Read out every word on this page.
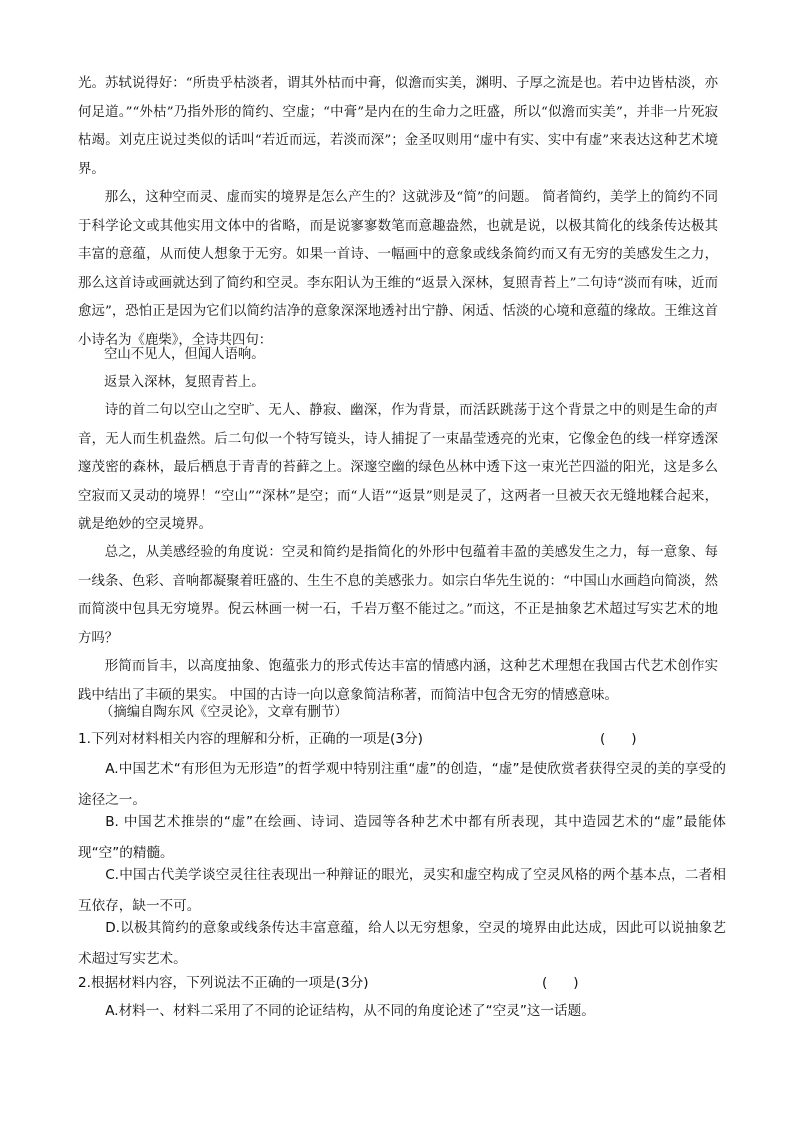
光。苏轼说得好：“所贵乎枯淡者，谓其外枯而中膏，似澹而实美，渊明、子厚之流是也。若中边皆枯淡，亦何足道。”“外枯”乃指外形的简约、空虚；“中膏”是内在的生命力之旺盛，所以“似澹而实美”，并非一片死寂枯竭。刘克庄说过类似的话叫“若近而远，若淡而深”；金圣叹则用“虚中有实、实中有虚”来表达这种艺术境界。

那么，这种空而灵、虚而实的境界是怎么产生的？这就涉及“简”的问题。 简者简约，美学上的简约不同于科学论文或其他实用文体中的省略，而是说寥寥数笔而意趣盎然，也就是说，以极其简化的线条传达极其丰富的意蕴，从而使人想象于无穷。如果一首诗、一幅画中的意象或线条简约而又有无穷的美感发生之力，那么这首诗或画就达到了简约和空灵。李东阳认为王维的“返景入深林，复照青苔上”二句诗“淡而有味，近而愈远”，恐怕正是因为它们以简约洁净的意象深深地透衬出宁静、闲适、恬淡的心境和意蕴的缘故。王维这首小诗名为《鹿柴》，全诗共四句：

空山不见人，但闻人语响。

返景入深林，复照青苔上。

诗的首二句以空山之空旷、无人、静寂、幽深，作为背景，而活跃跳荡于这个背景之中的则是生命的声音，无人而生机盎然。后二句似一个特写镜头，诗人捕捉了一束晶莹透亮的光束，它像金色的线一样穿透深邃茂密的森林，最后栖息于青青的苔藓之上。深邃空幽的绿色丛林中透下这一束光芒四溢的阳光，这是多么空寂而又灵动的境界！“空山”“深林”是空；而“人语”“返景”则是灵了，这两者一旦被天衣无缝地糅合起来，就是绝妙的空灵境界。

总之，从美感经验的角度说：空灵和简约是指简化的外形中包蕴着丰盈的美感发生之力，每一意象、每一线条、色彩、音响都凝聚着旺盛的、生生不息的美感张力。如宗白华先生说的：“中国山水画趋向简淡，然而简淡中包具无穷境界。倪云林画一树一石，千岩万壑不能过之。”而这，不正是抽象艺术超过写实艺术的地方吗？

形简而旨丰，以高度抽象、饱蕴张力的形式传达丰富的情感内涵，这种艺术理想在我国古代艺术创作实践中结出了丰硕的果实。 中国的古诗一向以意象简洁称著，而简洁中包含无穷的情感意味。

（摘编自陶东风《空灵论》，文章有删节）

1.下列对材料相关内容的理解和分析，正确的一项是(3分)	(      )

A.中国艺术“有形但为无形造”的哲学观中特别注重“虚”的创造，“虚”是使欣赏者获得空灵的美的享受的途径之一。

B. 中国艺术推崇的“虚”在绘画、诗词、造园等各种艺术中都有所表现，其中造园艺术的“虚”最能体现“空”的精髓。

C.中国古代美学谈空灵往往表现出一种辩证的眼光，灵实和虚空构成了空灵风格的两个基本点，二者相互依存，缺一不可。

D.以极其简约的意象或线条传达丰富意蕴，给人以无穷想象，空灵的境界由此达成，因此可以说抽象艺术超过写实艺术。

2.根据材料内容，下列说法不正确的一项是(3分)	(      )

A.材料一、材料二采用了不同的论证结构，从不同的角度论述了“空灵”这一话题。
